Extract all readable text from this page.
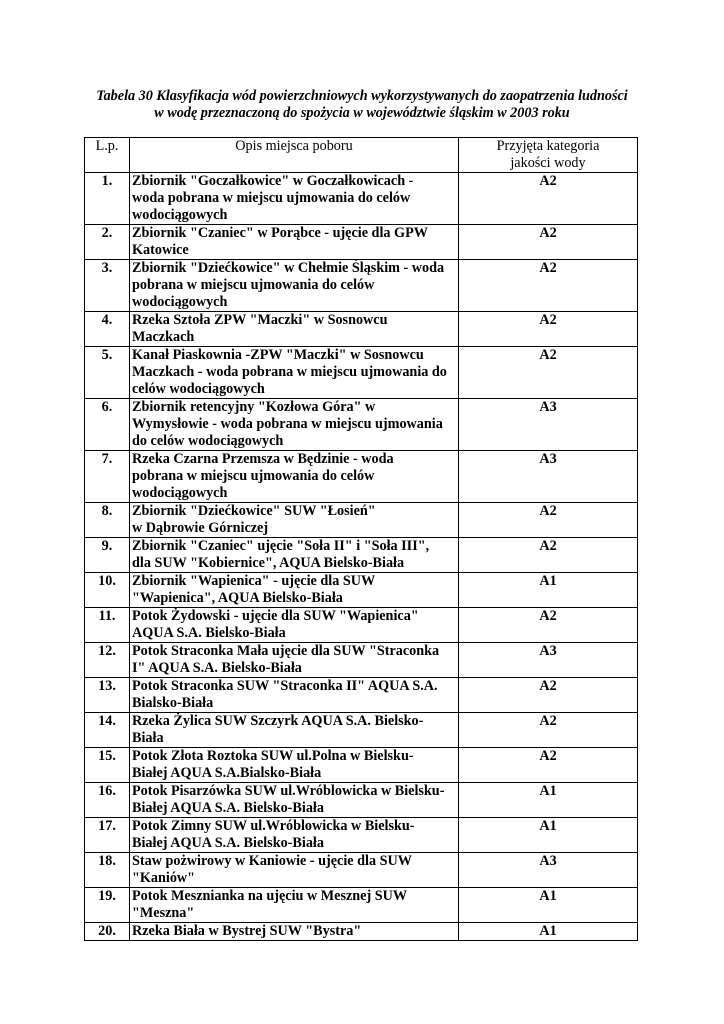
Tabela 30 Klasyfikacja wód powierzchniowych wykorzystywanych do zaopatrzenia ludności
w wodę przeznaczoną do spożycia w województwie śląskim w 2003 roku
L.p.	Opis miejsca poboru	Przyjęta kategoria
jakości wody
1.	Zbiornik "Goczałkowice" w Goczałkowicach -
woda pobrana w miejscu ujmowania do celów
wodociągowych	A2
2.	Zbiornik "Czaniec" w Porąbce - ujęcie dla GPW
Katowice	A2
3.	Zbiornik "Dziećkowice" w Chełmie Śląskim - woda
pobrana w miejscu ujmowania do celów
wodociągowych	A2
4.	Rzeka Sztoła ZPW "Maczki" w Sosnowcu
Maczkach	A2
5.	Kanał Piaskownia -ZPW "Maczki" w Sosnowcu
Maczkach - woda pobrana w miejscu ujmowania do
celów wodociągowych	A2
6.	Zbiornik retencyjny "Kozłowa Góra" w
Wymysłowie - woda pobrana w miejscu ujmowania
do celów wodociągowych	A3
7.	Rzeka Czarna Przemsza w Będzinie - woda
pobrana w miejscu ujmowania do celów
wodociągowych	A3
8.	Zbiornik "Dziećkowice" SUW "Łosień"
w Dąbrowie Górniczej	A2
9.	Zbiornik "Czaniec" ujęcie "Soła II" i "Soła III",
dla SUW "Kobiernice", AQUA Bielsko-Biała	A2
10.	Zbiornik "Wapienica" - ujęcie dla SUW
"Wapienica", AQUA Bielsko-Biała	A1
11.	Potok Żydowski - ujęcie dla SUW "Wapienica"
AQUA S.A. Bielsko-Biała	A2
12.	Potok Straconka Mała ujęcie dla SUW "Straconka
I" AQUA S.A. Bielsko-Biała	A3
13.	Potok Straconka SUW "Straconka II" AQUA S.A.
Bialsko-Biała	A2
14.	Rzeka Żylica SUW Szczyrk AQUA S.A. Bielsko-
Biała	A2
15.	Potok Złota Roztoka SUW ul.Polna w Bielsku-
Białej AQUA S.A.Bialsko-Biała	A2
16.	Potok Pisarzówka SUW ul.Wróblowicka w Bielsku-
Białej AQUA S.A. Bielsko-Biała	A1
17.	Potok Zimny SUW ul.Wróblowicka w Bielsku-
Białej AQUA S.A. Bielsko-Biała	A1
18.	Staw pożwirowy w Kaniowie - ujęcie dla SUW
"Kaniów"	A3
19.	Potok Mesznianka na ujęciu w Mesznej SUW
"Meszna"	A1
20.	Rzeka Biała w Bystrej SUW "Bystra"	A1
